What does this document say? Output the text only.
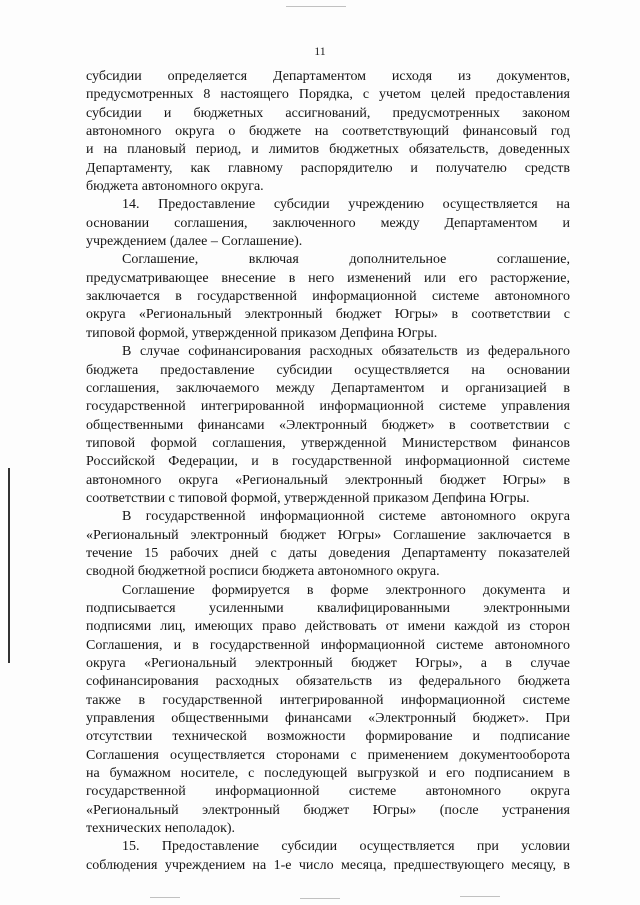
11
субсидии определяется Департаментом исходя из документов,
предусмотренных 8 настоящего Порядка, с учетом целей предоставления
субсидии и бюджетных ассигнований, предусмотренных законом
автономного округа о бюджете на соответствующий финансовый год
и на плановый период, и лимитов бюджетных обязательств, доведенных
Департаменту, как главному распорядителю и получателю средств
бюджета автономного округа.
14. Предоставление субсидии учреждению осуществляется на
основании соглашения, заключенного между Департаментом и
учреждением (далее – Соглашение).
Соглашение, включая дополнительное соглашение,
предусматривающее внесение в него изменений или его расторжение,
заключается в государственной информационной системе автономного
округа «Региональный электронный бюджет Югры» в соответствии с
типовой формой, утвержденной приказом Депфина Югры.
В случае софинансирования расходных обязательств из федерального
бюджета предоставление субсидии осуществляется на основании
соглашения, заключаемого между Департаментом и организацией в
государственной интегрированной информационной системе управления
общественными финансами «Электронный бюджет» в соответствии с
типовой формой соглашения, утвержденной Министерством финансов
Российской Федерации, и в государственной информационной системе
автономного округа «Региональный электронный бюджет Югры» в
соответствии с типовой формой, утвержденной приказом Депфина Югры.
В государственной информационной системе автономного округа
«Региональный электронный бюджет Югры» Соглашение заключается в
течение 15 рабочих дней с даты доведения Департаменту показателей
сводной бюджетной росписи бюджета автономного округа.
Соглашение формируется в форме электронного документа и
подписывается усиленными квалифицированными электронными
подписями лиц, имеющих право действовать от имени каждой из сторон
Соглашения, и в государственной информационной системе автономного
округа «Региональный электронный бюджет Югры», а в случае
софинансирования расходных обязательств из федерального бюджета
также в государственной интегрированной информационной системе
управления общественными финансами «Электронный бюджет». При
отсутствии технической возможности формирование и подписание
Соглашения осуществляется сторонами с применением документооборота
на бумажном носителе, с последующей выгрузкой и его подписанием в
государственной информационной системе автономного округа
«Региональный электронный бюджет Югры» (после устранения
технических неполадок).
15. Предоставление субсидии осуществляется при условии
соблюдения учреждением на 1-е число месяца, предшествующего месяцу, в
